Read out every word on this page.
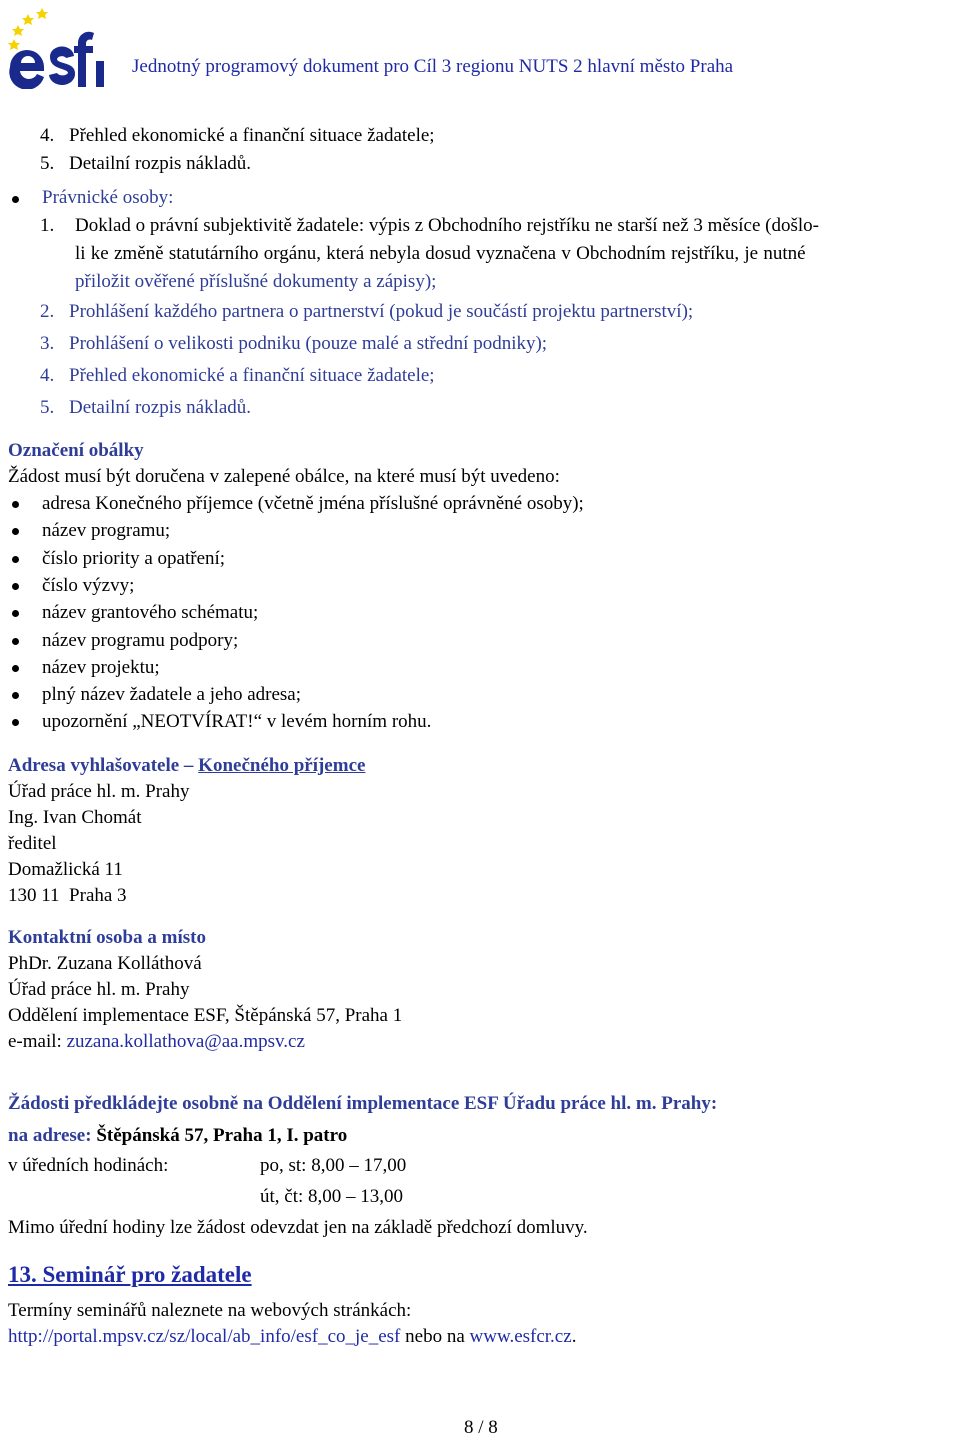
Jednotný programový dokument pro Cíl 3 regionu NUTS 2 hlavní město Praha
4. Přehled ekonomické a finanční situace žadatele;
5. Detailní rozpis nákladů.
Právnické osoby:
1. Doklad o právní subjektivitě žadatele: výpis z Obchodního rejstříku ne starší než 3 měsíce (došlo-
li ke změně statutárního orgánu, která nebyla dosud vyznačena v Obchodním rejstříku, je nutné
přiložit ověřené příslušné dokumenty a zápisy);
2. Prohlášení každého partnera o partnerství (pokud je součástí projektu partnerství);
3. Prohlášení o velikosti podniku (pouze malé a střední podniky);
4. Přehled ekonomické a finanční situace žadatele;
5. Detailní rozpis nákladů.
Označení obálky
Žádost musí být doručena v zalepené obálce, na které musí být uvedeno:
adresa Konečného příjemce (včetně jména příslušné oprávněné osoby);
název programu;
číslo priority a opatření;
číslo výzvy;
název grantového schématu;
název programu podpory;
název projektu;
plný název žadatele a jeho adresa;
upozornění „NEOTVÍRAT!“ v levém horním rohu.
Adresa vyhlašovatele – Konečného příjemce
Úřad práce hl. m. Prahy
Ing. Ivan Chomát
ředitel
Domažlická 11
130 11  Praha 3
Kontaktní osoba a místo
PhDr. Zuzana Kolláthová
Úřad práce hl. m. Prahy
Oddělení implementace ESF, Štěpánská 57, Praha 1
e-mail: zuzana.kollathova@aa.mpsv.cz
Žádosti předkládejte osobně na Oddělení implementace ESF Úřadu práce hl. m. Prahy:
na adrese: Štěpánská 57, Praha 1, I. patro
v úředních hodinách:	po, st: 8,00 – 17,00
út, čt: 8,00 – 13,00
Mimo úřední hodiny lze žádost odevzdat jen na základě předchozí domluvy.
13. Seminář pro žadatele
Termíny seminářů naleznete na webových stránkách:
http://portal.mpsv.cz/sz/local/ab_info/esf_co_je_esf nebo na www.esfcr.cz.
8 / 8
